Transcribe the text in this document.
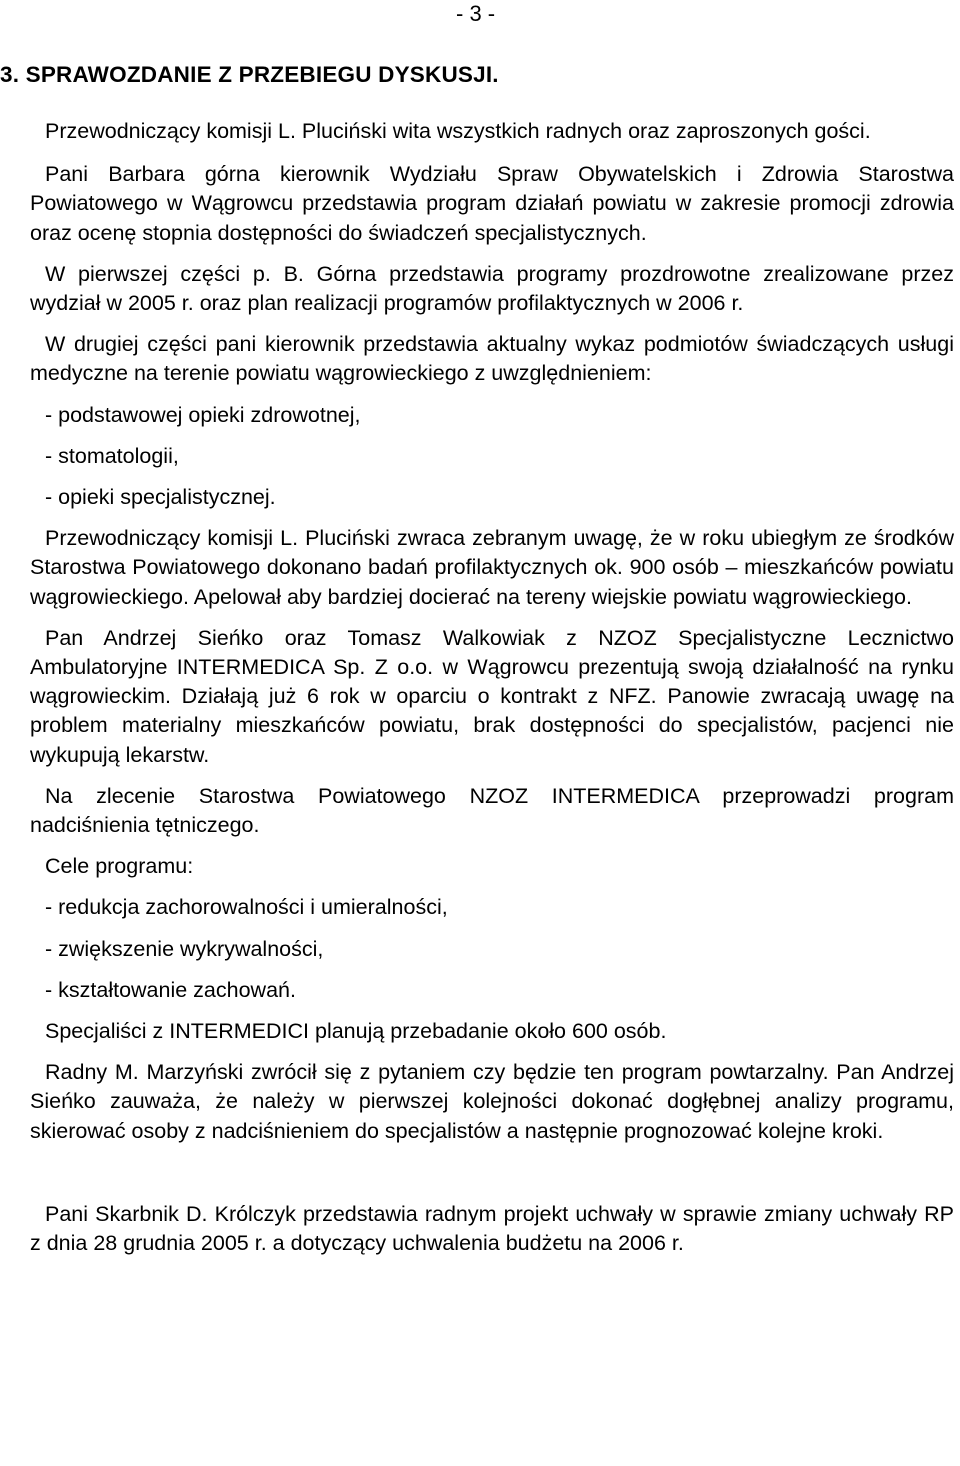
- 3 -
3. SPRAWOZDANIE Z PRZEBIEGU DYSKUSJI.

Przewodniczący komisji L. Pluciński wita wszystkich radnych oraz zaproszonych gości.

Pani Barbara górna kierownik Wydziału Spraw Obywatelskich i Zdrowia Starostwa Powiatowego w Wągrowcu przedstawia program działań powiatu w zakresie promocji zdrowia oraz ocenę stopnia dostępności do świadczeń specjalistycznych.

W pierwszej części p. B. Górna przedstawia programy prozdrowotne zrealizowane przez wydział w 2005 r. oraz plan realizacji programów profilaktycznych w 2006 r.

W drugiej części pani kierownik przedstawia aktualny wykaz podmiotów świadczących usługi medyczne na terenie powiatu wągrowieckiego z uwzględnieniem:

- podstawowej opieki zdrowotnej,

- stomatologii,

- opieki specjalistycznej.

Przewodniczący komisji L. Pluciński zwraca zebranym uwagę, że w roku ubiegłym ze środków Starostwa Powiatowego dokonano badań profilaktycznych ok. 900 osób – mieszkańców powiatu wągrowieckiego. Apelował aby bardziej docierać na tereny wiejskie powiatu wągrowieckiego.

Pan Andrzej Sieńko oraz Tomasz Walkowiak z NZOZ Specjalistyczne Lecznictwo Ambulatoryjne INTERMEDICA Sp. Z o.o. w Wągrowcu prezentują swoją działalność na rynku wągrowieckim. Działają już 6 rok w oparciu o kontrakt z NFZ. Panowie zwracają uwagę na problem materialny mieszkańców powiatu, brak dostępności do specjalistów, pacjenci nie wykupują lekarstw.

Na zlecenie Starostwa Powiatowego NZOZ INTERMEDICA przeprowadzi program nadciśnienia tętniczego.

Cele programu:

- redukcja zachorowalności i umieralności,

- zwiększenie wykrywalności,

- kształtowanie zachowań.

Specjaliści z INTERMEDICI planują przebadanie około 600 osób.

Radny M. Marzyński zwrócił się z pytaniem czy będzie ten program powtarzalny. Pan Andrzej Sieńko zauważa, że należy w pierwszej kolejności dokonać dogłębnej analizy programu, skierować osoby z nadciśnieniem do specjalistów a następnie prognozować kolejne kroki.

Pani Skarbnik D. Królczyk przedstawia radnym projekt uchwały w sprawie zmiany uchwały RP z dnia 28 grudnia 2005 r. a dotyczący uchwalenia budżetu na 2006 r.
